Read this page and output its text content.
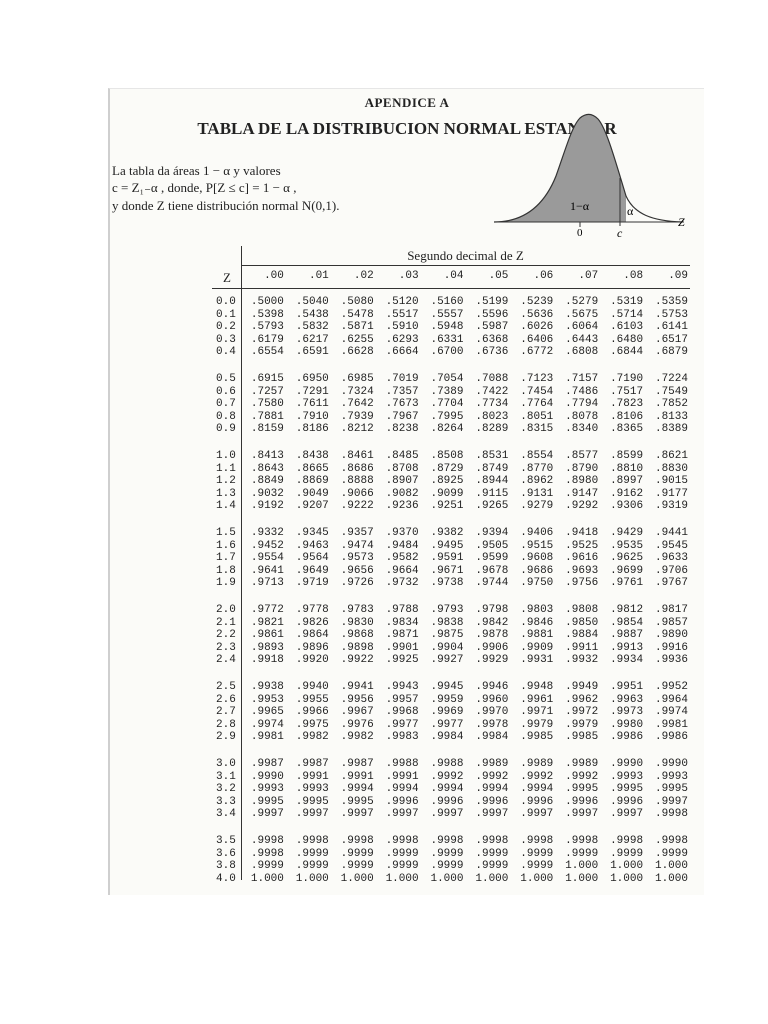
APENDICE A
TABLA DE LA DISTRIBUCION NORMAL ESTANDAR
La tabla da áreas 1 − α y valores
c = Z₁₋α , donde, P[Z ≤ c] = 1 − α ,
y donde Z tiene distribución normal N(0,1).	1−α	α
0	c
Z
Segundo decimal de Z
Z	.00	.01	.02	.03	.04	.05	.06	.07	.08	.09
0.0	.5000	.5040	.5080	.5120	.5160	.5199	.5239	.5279	.5319	.5359
0.1	.5398	.5438	.5478	.5517	.5557	.5596	.5636	.5675	.5714	.5753
0.2	.5793	.5832	.5871	.5910	.5948	.5987	.6026	.6064	.6103	.6141
0.3	.6179	.6217	.6255	.6293	.6331	.6368	.6406	.6443	.6480	.6517
0.4	.6554	.6591	.6628	.6664	.6700	.6736	.6772	.6808	.6844	.6879
0.5	.6915	.6950	.6985	.7019	.7054	.7088	.7123	.7157	.7190	.7224
0.6	.7257	.7291	.7324	.7357	.7389	.7422	.7454	.7486	.7517	.7549
0.7	.7580	.7611	.7642	.7673	.7704	.7734	.7764	.7794	.7823	.7852
0.8	.7881	.7910	.7939	.7967	.7995	.8023	.8051	.8078	.8106	.8133
0.9	.8159	.8186	.8212	.8238	.8264	.8289	.8315	.8340	.8365	.8389
1.0	.8413	.8438	.8461	.8485	.8508	.8531	.8554	.8577	.8599	.8621
1.1	.8643	.8665	.8686	.8708	.8729	.8749	.8770	.8790	.8810	.8830
1.2	.8849	.8869	.8888	.8907	.8925	.8944	.8962	.8980	.8997	.9015
1.3	.9032	.9049	.9066	.9082	.9099	.9115	.9131	.9147	.9162	.9177
1.4	.9192	.9207	.9222	.9236	.9251	.9265	.9279	.9292	.9306	.9319
1.5	.9332	.9345	.9357	.9370	.9382	.9394	.9406	.9418	.9429	.9441
1.6	.9452	.9463	.9474	.9484	.9495	.9505	.9515	.9525	.9535	.9545
1.7	.9554	.9564	.9573	.9582	.9591	.9599	.9608	.9616	.9625	.9633
1.8	.9641	.9649	.9656	.9664	.9671	.9678	.9686	.9693	.9699	.9706
1.9	.9713	.9719	.9726	.9732	.9738	.9744	.9750	.9756	.9761	.9767
2.0	.9772	.9778	.9783	.9788	.9793	.9798	.9803	.9808	.9812	.9817
2.1	.9821	.9826	.9830	.9834	.9838	.9842	.9846	.9850	.9854	.9857
2.2	.9861	.9864	.9868	.9871	.9875	.9878	.9881	.9884	.9887	.9890
2.3	.9893	.9896	.9898	.9901	.9904	.9906	.9909	.9911	.9913	.9916
2.4	.9918	.9920	.9922	.9925	.9927	.9929	.9931	.9932	.9934	.9936
2.5	.9938	.9940	.9941	.9943	.9945	.9946	.9948	.9949	.9951	.9952
2.6	.9953	.9955	.9956	.9957	.9959	.9960	.9961	.9962	.9963	.9964
2.7	.9965	.9966	.9967	.9968	.9969	.9970	.9971	.9972	.9973	.9974
2.8	.9974	.9975	.9976	.9977	.9977	.9978	.9979	.9979	.9980	.9981
2.9	.9981	.9982	.9982	.9983	.9984	.9984	.9985	.9985	.9986	.9986
3.0	.9987	.9987	.9987	.9988	.9988	.9989	.9989	.9989	.9990	.9990
3.1	.9990	.9991	.9991	.9991	.9992	.9992	.9992	.9992	.9993	.9993
3.2	.9993	.9993	.9994	.9994	.9994	.9994	.9994	.9995	.9995	.9995
3.3	.9995	.9995	.9995	.9996	.9996	.9996	.9996	.9996	.9996	.9997
3.4	.9997	.9997	.9997	.9997	.9997	.9997	.9997	.9997	.9997	.9998
3.5	.9998	.9998	.9998	.9998	.9998	.9998	.9998	.9998	.9998	.9998
3.6	.9998	.9999	.9999	.9999	.9999	.9999	.9999	.9999	.9999	.9999
3.8	.9999	.9999	.9999	.9999	.9999	.9999	.9999	1.000	1.000	1.000
4.0	1.000	1.000	1.000	1.000	1.000	1.000	1.000	1.000	1.000	1.000
